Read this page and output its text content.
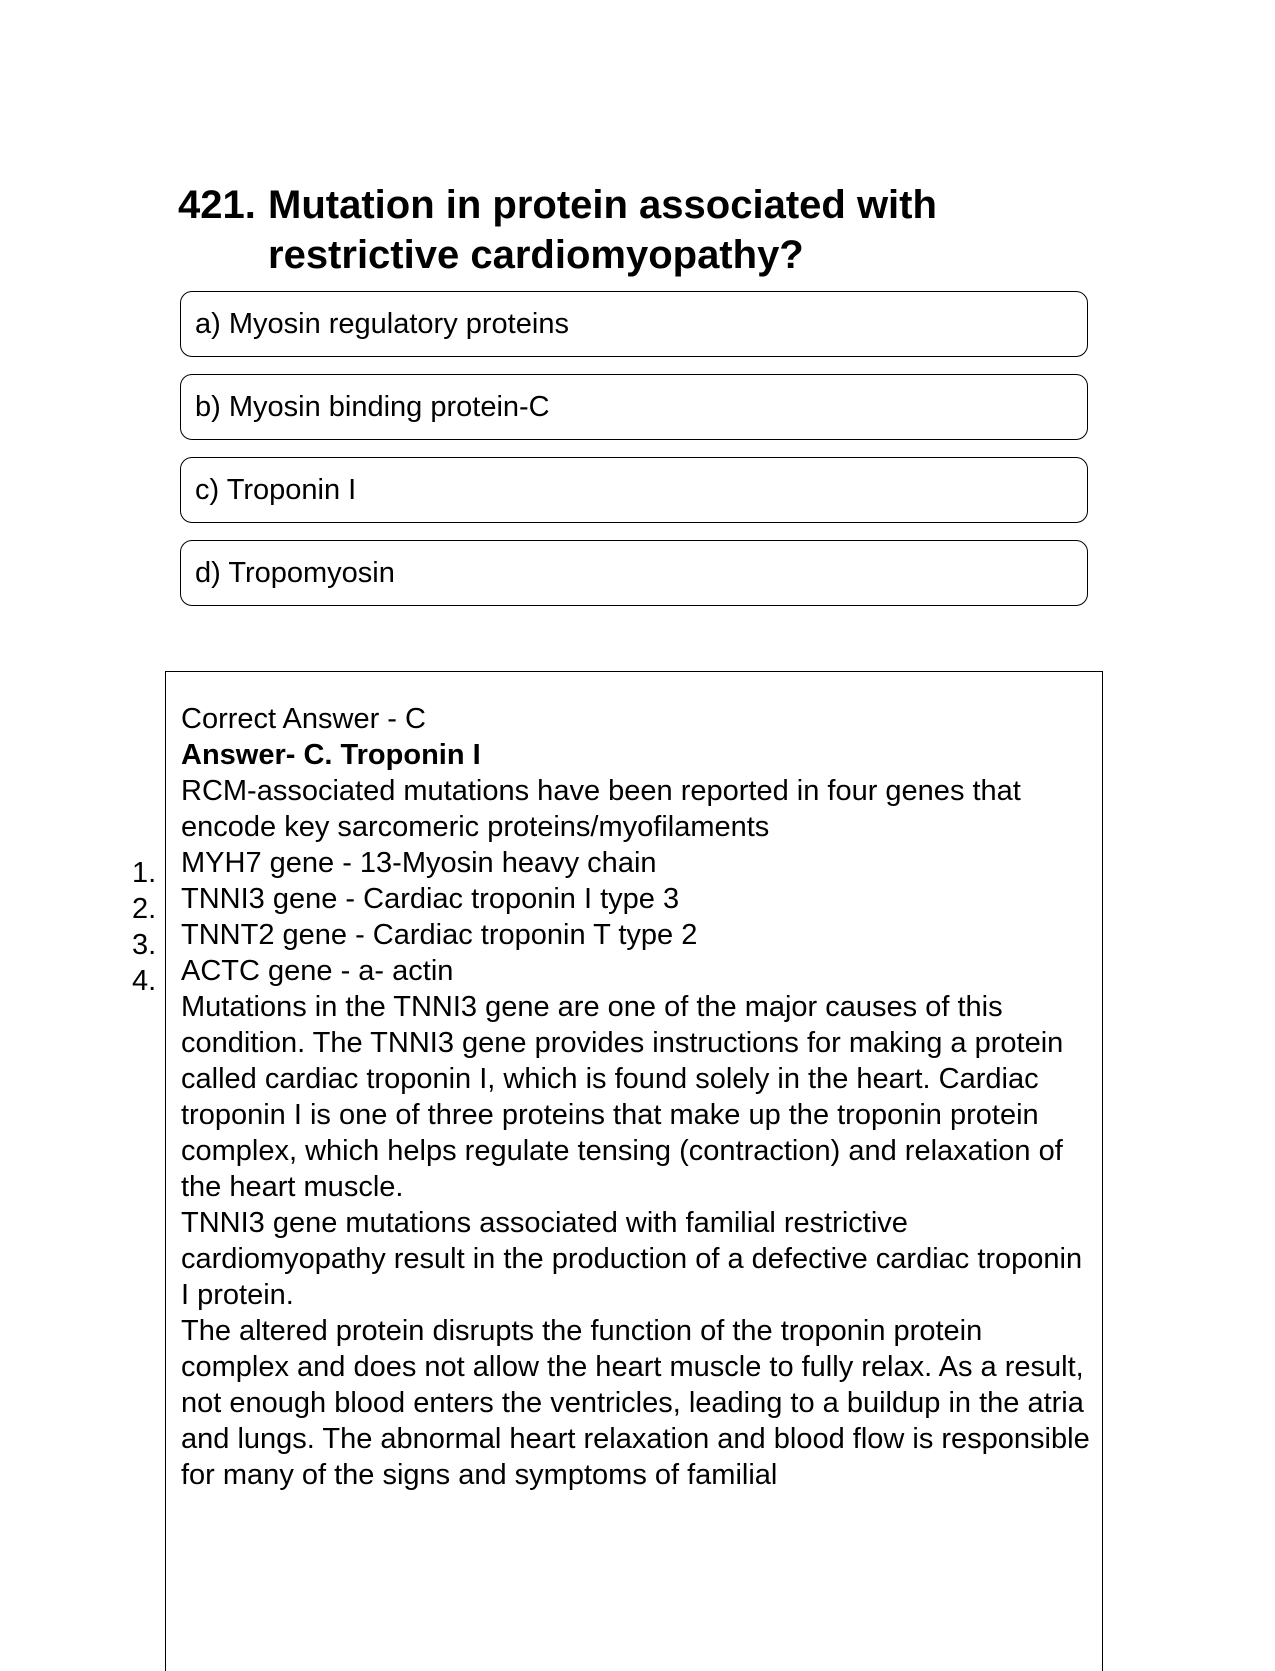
421. Mutation in protein associated with restrictive cardiomyopathy?
a) Myosin regulatory proteins
b) Myosin binding protein-C
c) Troponin I
d) Tropomyosin
1.
2.
3.
4.

Correct Answer - C

Answer- C. Troponin I

RCM-associated mutations have been reported in four genes that encode key sarcomeric proteins/myofilaments

MYH7 gene - 13-Myosin heavy chain

TNNI3 gene - Cardiac troponin I type 3

TNNT2 gene - Cardiac troponin T type 2

ACTC gene - a- actin

Mutations in the TNNI3 gene are one of the major causes of this condition. The TNNI3 gene provides instructions for making a protein called cardiac troponin I, which is found solely in the heart. Cardiac troponin I is one of three proteins that make up the troponin protein complex, which helps regulate tensing (contraction) and relaxation of the heart muscle.

TNNI3 gene mutations associated with familial restrictive cardiomyopathy result in the production of a defective cardiac troponin I protein.

The altered protein disrupts the function of the troponin protein complex and does not allow the heart muscle to fully relax. As a result, not enough blood enters the ventricles, leading to a buildup in the atria and lungs. The abnormal heart relaxation and blood flow is responsible for many of the signs and symptoms of familial
